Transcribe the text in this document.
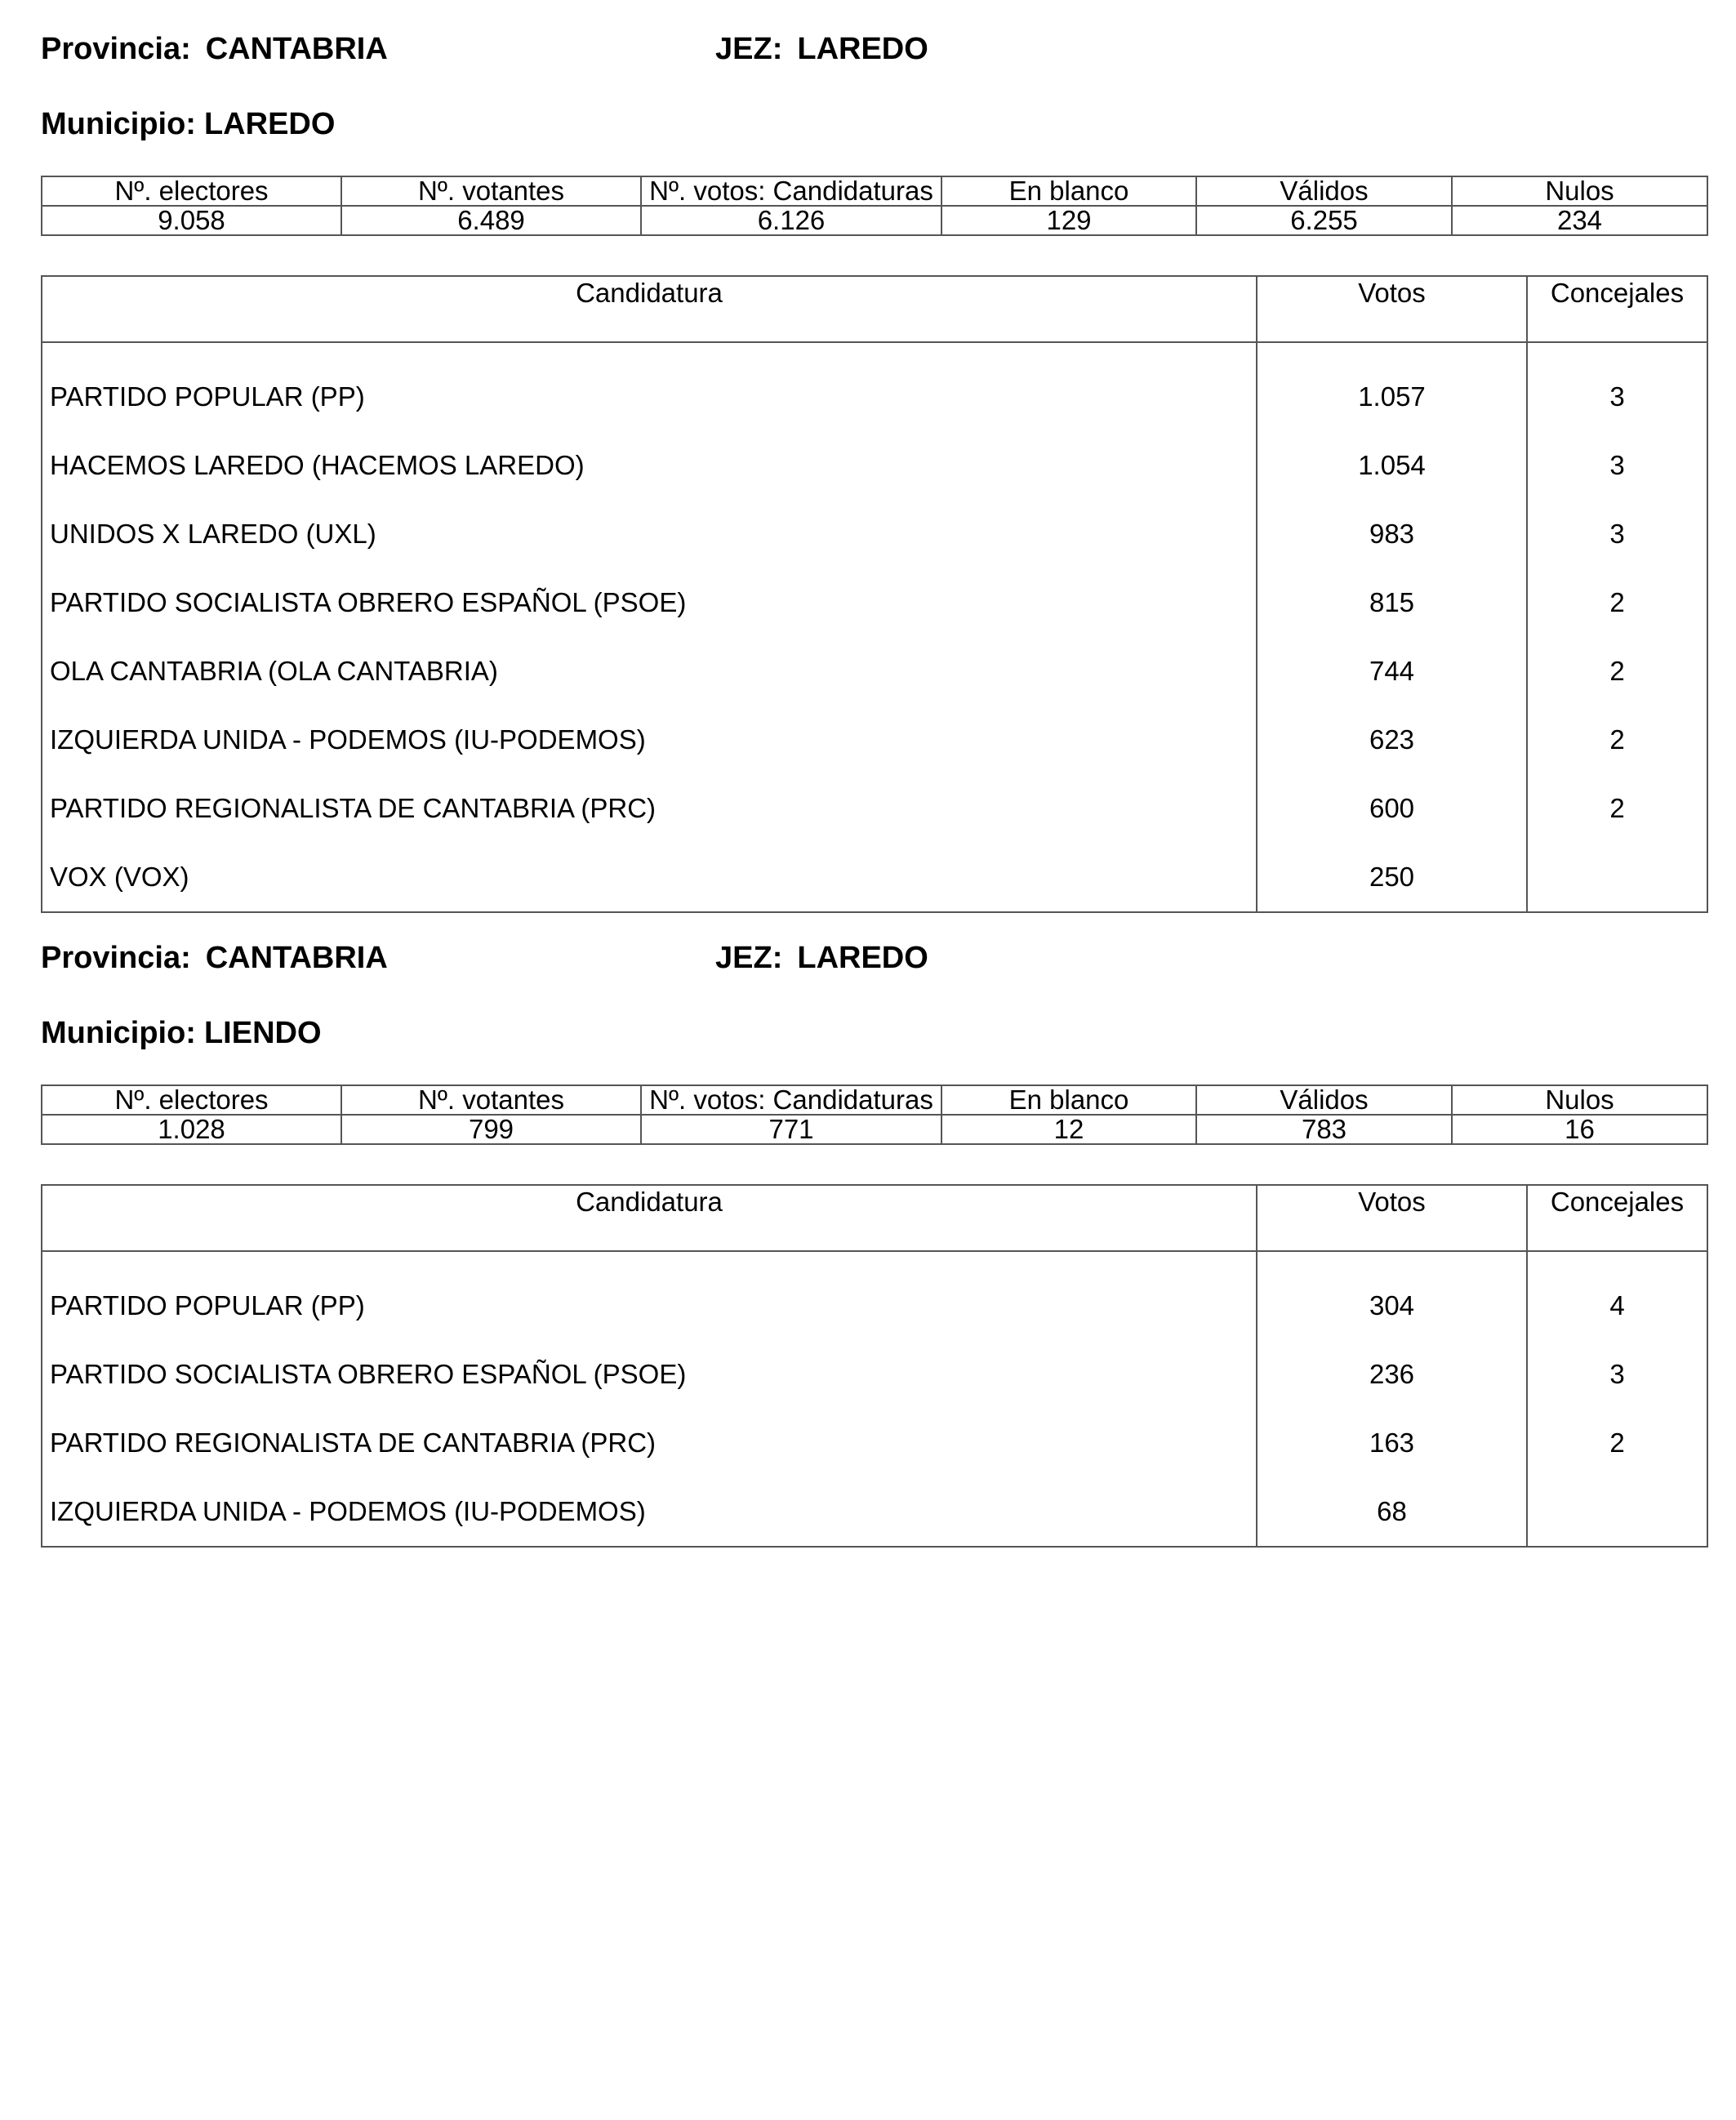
Provincia: CANTABRIA	JEZ: LAREDO
Municipio: LAREDO
Nº. electores	Nº. votantes	Nº. votos: Candidaturas	En blanco	Válidos	Nulos
9.058	6.489	6.126	129	6.255	234
Candidatura	Votos	Concejales
PARTIDO POPULAR (PP)	1.057	3
HACEMOS LAREDO (HACEMOS LAREDO)	1.054	3
UNIDOS X LAREDO (UXL)	983	3
PARTIDO SOCIALISTA OBRERO ESPAÑOL (PSOE)	815	2
OLA CANTABRIA (OLA CANTABRIA)	744	2
IZQUIERDA UNIDA - PODEMOS (IU-PODEMOS)	623	2
PARTIDO REGIONALISTA DE CANTABRIA (PRC)	600	2
VOX (VOX)	250	
Provincia: CANTABRIA	JEZ: LAREDO
Municipio: LIENDO
Nº. electores	Nº. votantes	Nº. votos: Candidaturas	En blanco	Válidos	Nulos
1.028	799	771	12	783	16
Candidatura	Votos	Concejales
PARTIDO POPULAR (PP)	304	4
PARTIDO SOCIALISTA OBRERO ESPAÑOL (PSOE)	236	3
PARTIDO REGIONALISTA DE CANTABRIA (PRC)	163	2
IZQUIERDA UNIDA - PODEMOS (IU-PODEMOS)	68	
